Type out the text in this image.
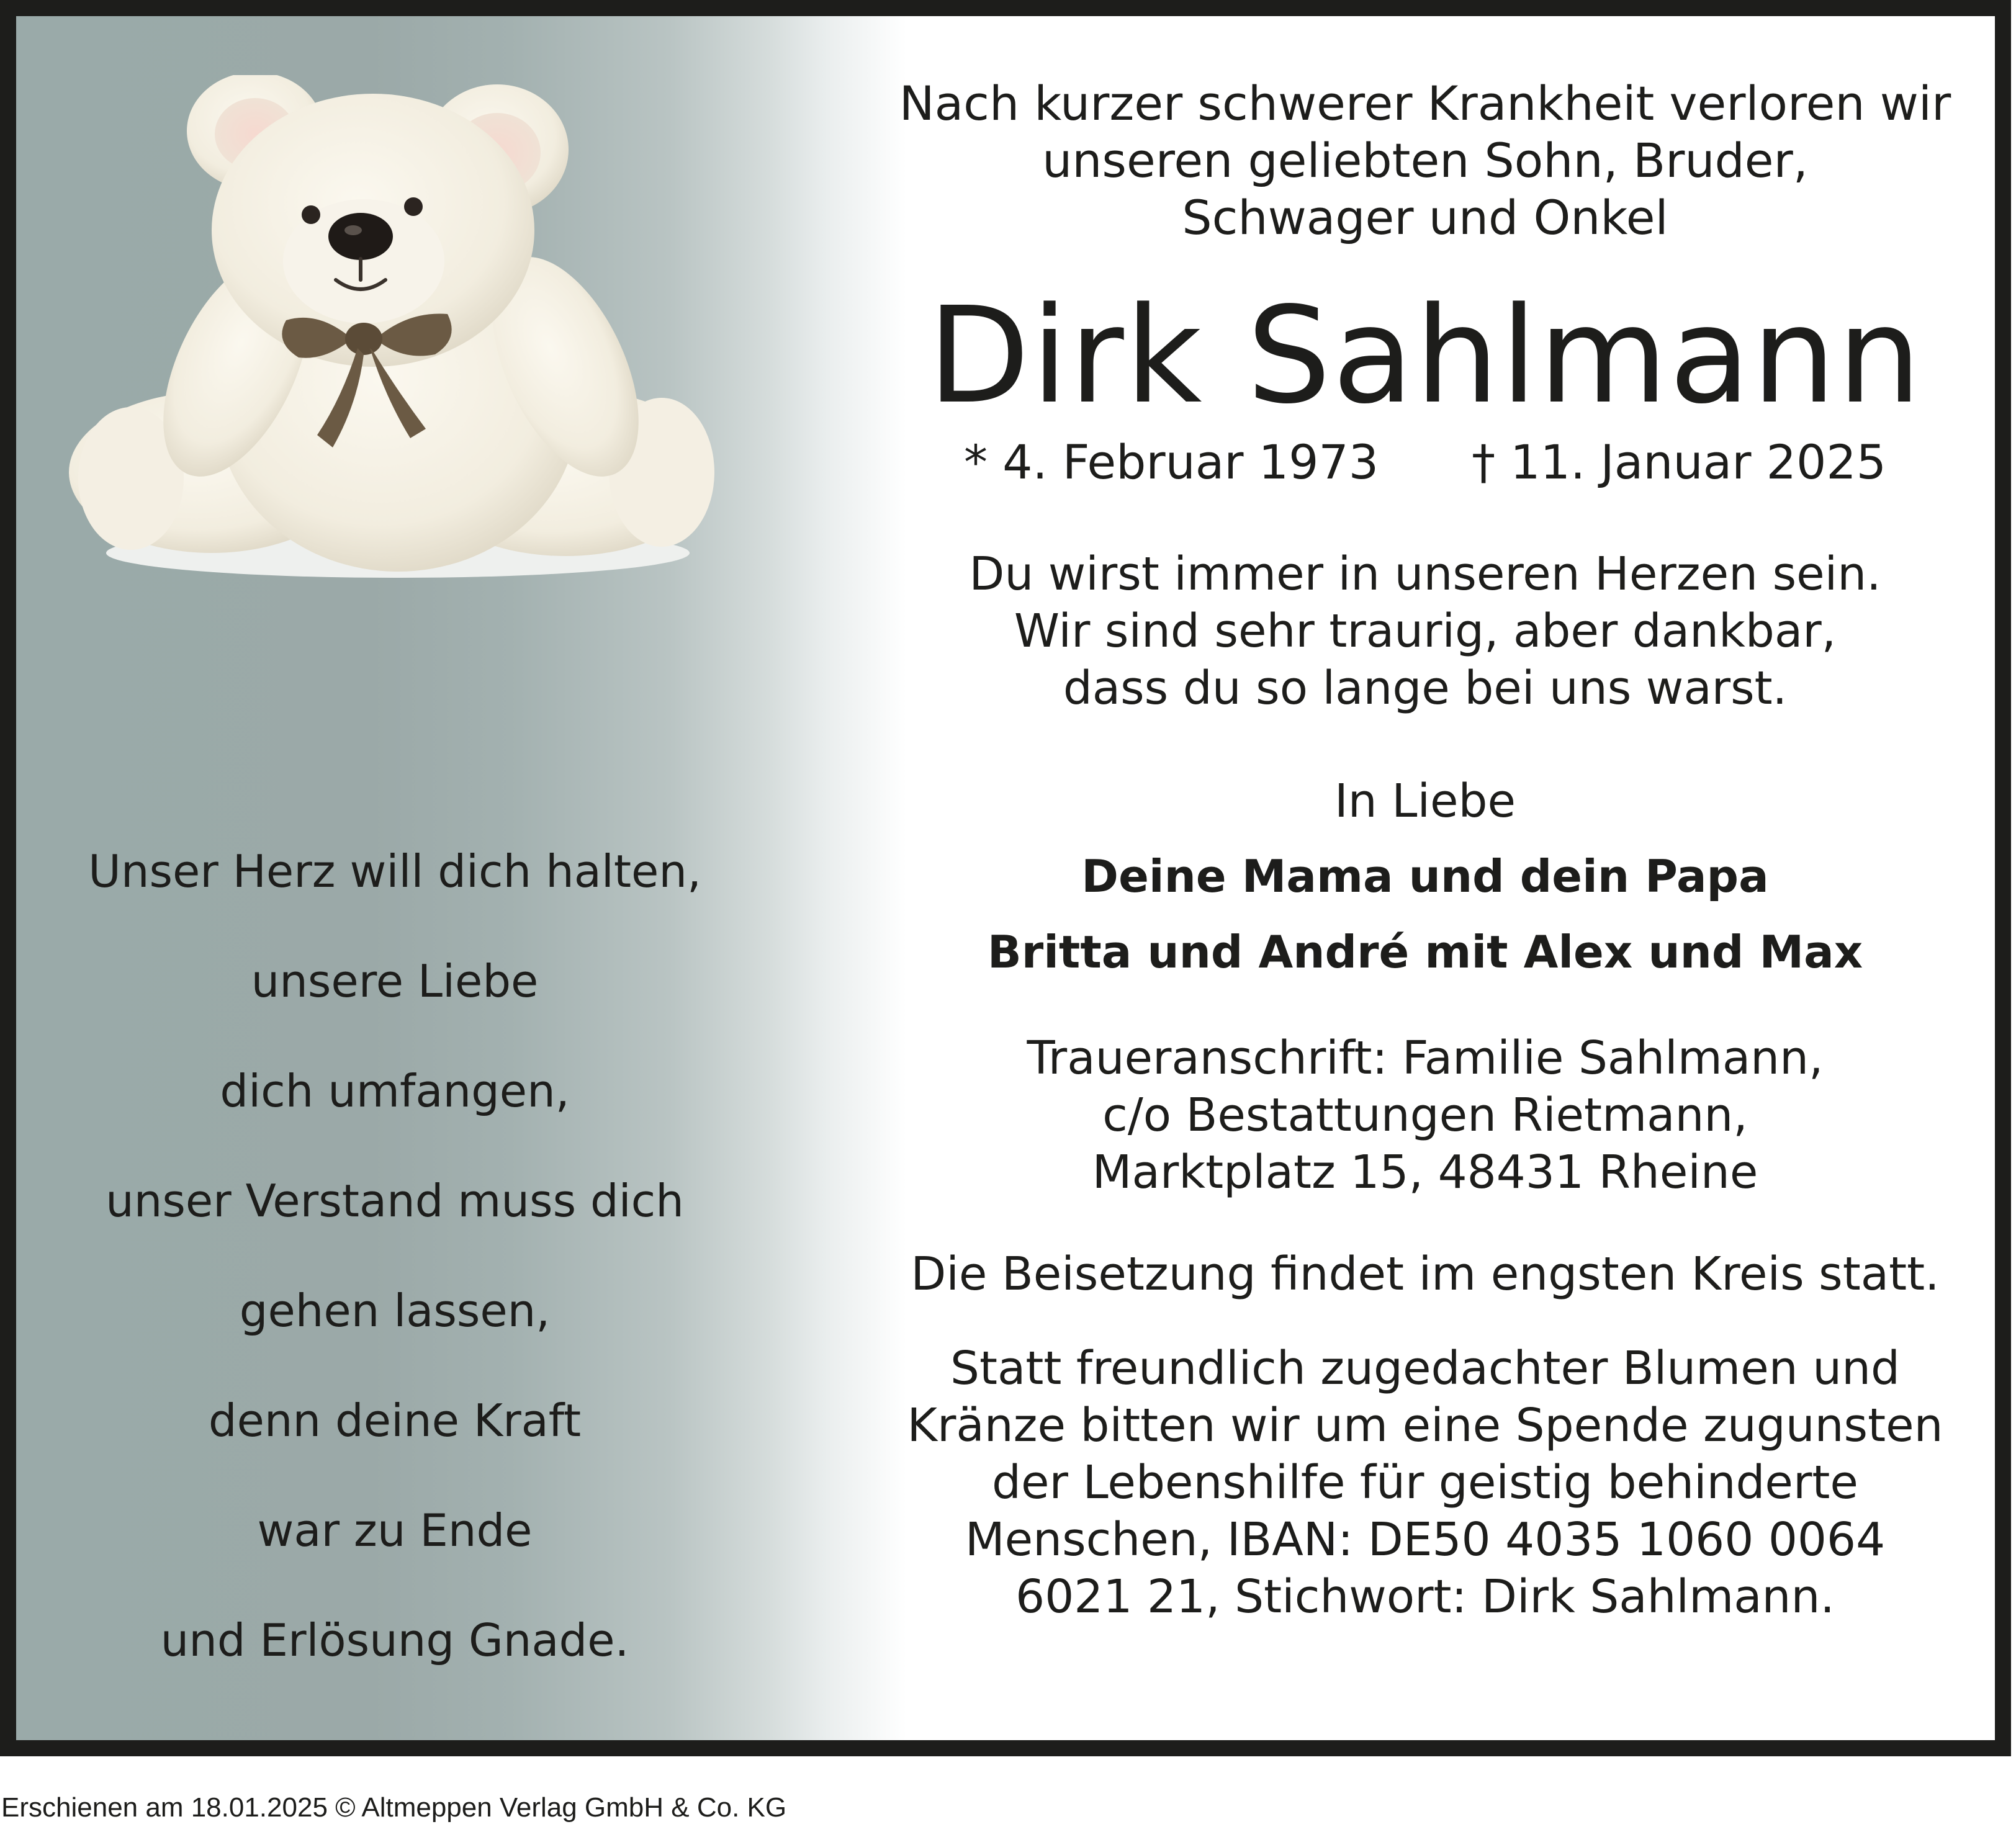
Unser Herz will dich halten,
unsere Liebe
dich umfangen,
unser Verstand muss dich
gehen lassen,
denn deine Kraft
war zu Ende
und Erlösung Gnade.
Nach kurzer schwerer Krankheit verloren wir
unseren geliebten Sohn, Bruder,
Schwager und Onkel
Dirk Sahlmann
* 4. Februar 1973 † 11. Januar 2025
Du wirst immer in unseren Herzen sein.
Wir sind sehr traurig, aber dankbar,
dass du so lange bei uns warst.
In Liebe
Deine Mama und dein Papa
Britta und André mit Alex und Max
Traueranschrift: Familie Sahlmann,
c/o Bestattungen Rietmann,
Marktplatz 15, 48431 Rheine
Die Beisetzung findet im engsten Kreis statt.
Statt freundlich zugedachter Blumen und
Kränze bitten wir um eine Spende zugunsten
der Lebenshilfe für geistig behinderte
Menschen, IBAN: DE50 4035 1060 0064
6021 21, Stichwort: Dirk Sahlmann.
Erschienen am 18.01.2025 © Altmeppen Verlag GmbH & Co. KG
